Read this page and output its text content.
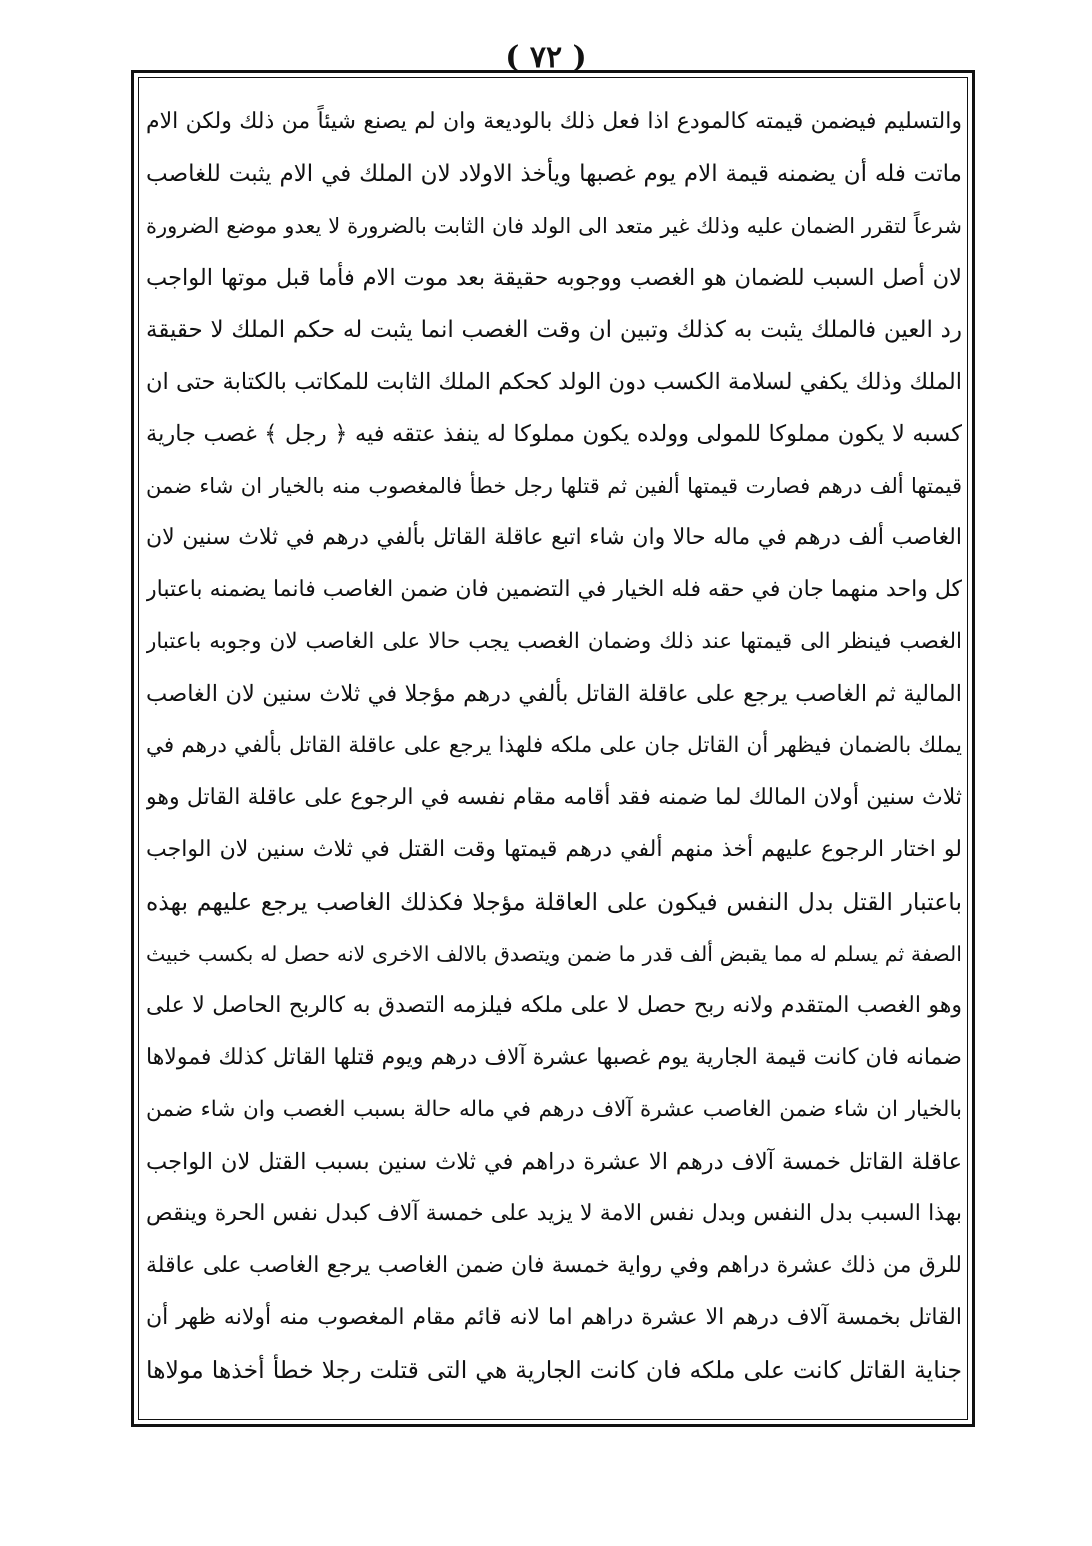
( ٧٢ )
والتسليم فيضمن قيمته كالمودع اذا فعل ذلك بالوديعة وان لم يصنع شيئاً من ذلك ولكن الام
ماتت فله أن يضمنه قيمة الام يوم غصبها ويأخذ الاولاد لان الملك في الام يثبت للغاصب
شرعاً لتقرر الضمان عليه وذلك غير متعد الى الولد فان الثابت بالضرورة لا يعدو موضع الضرورة
لان أصل السبب للضمان هو الغصب ووجوبه حقيقة بعد موت الام فأما قبل موتها الواجب
رد العين فالملك يثبت به كذلك وتبين ان وقت الغصب انما يثبت له حكم الملك لا حقيقة
الملك وذلك يكفي لسلامة الكسب دون الولد كحكم الملك الثابت للمكاتب بالكتابة حتى ان
كسبه لا يكون مملوكا للمولى وولده يكون مملوكا له ينفذ عتقه فيه ﴿ رجل ﴾ غصب جارية
قيمتها ألف درهم فصارت قيمتها ألفين ثم قتلها رجل خطأ فالمغصوب منه بالخيار ان شاء ضمن
الغاصب ألف درهم في ماله حالا وان شاء اتبع عاقلة القاتل بألفي درهم في ثلاث سنين لان
كل واحد منهما جان في حقه فله الخيار في التضمين فان ضمن الغاصب فانما يضمنه باعتبار
الغصب فينظر الى قيمتها عند ذلك وضمان الغصب يجب حالا على الغاصب لان وجوبه باعتبار
المالية ثم الغاصب يرجع على عاقلة القاتل بألفي درهم مؤجلا في ثلاث سنين لان الغاصب
يملك بالضمان فيظهر أن القاتل جان على ملكه فلهذا يرجع على عاقلة القاتل بألفي درهم في
ثلاث سنين أولان المالك لما ضمنه فقد أقامه مقام نفسه في الرجوع على عاقلة القاتل وهو
لو اختار الرجوع عليهم أخذ منهم ألفي درهم قيمتها وقت القتل في ثلاث سنين لان الواجب
باعتبار القتل بدل النفس فيكون على العاقلة مؤجلا فكذلك الغاصب يرجع عليهم بهذه
الصفة ثم يسلم له مما يقبض ألف قدر ما ضمن ويتصدق بالالف الاخرى لانه حصل له بكسب خبيث
وهو الغصب المتقدم ولانه ربح حصل لا على ملكه فيلزمه التصدق به كالربح الحاصل لا على
ضمانه فان كانت قيمة الجارية يوم غصبها عشرة آلاف درهم ويوم قتلها القاتل كذلك فمولاها
بالخيار ان شاء ضمن الغاصب عشرة آلاف درهم في ماله حالة بسبب الغصب وان شاء ضمن
عاقلة القاتل خمسة آلاف درهم الا عشرة دراهم في ثلاث سنين بسبب القتل لان الواجب
بهذا السبب بدل النفس وبدل نفس الامة لا يزيد على خمسة آلاف كبدل نفس الحرة وينقص
للرق من ذلك عشرة دراهم وفي رواية خمسة فان ضمن الغاصب يرجع الغاصب على عاقلة
القاتل بخمسة آلاف درهم الا عشرة دراهم اما لانه قائم مقام المغصوب منه أولانه ظهر أن
جناية القاتل كانت على ملكه فان كانت الجارية هي التى قتلت رجلا خطأ أخذها مولاها
